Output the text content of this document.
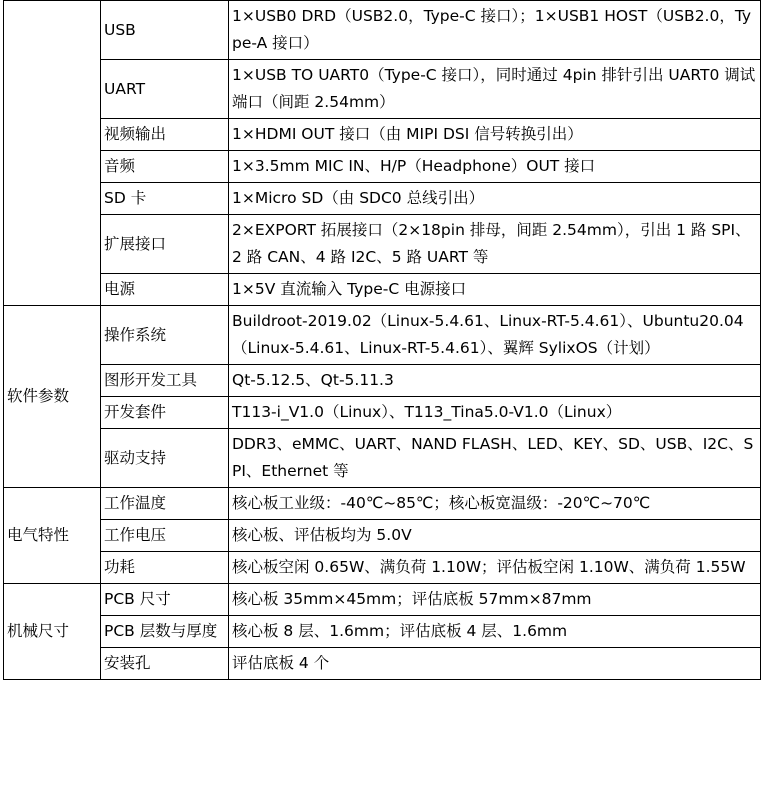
	USB	1×USB0 DRD（USB2.0，Type-C 接口）；1×USB1 HOST（USB2.0，Type-A 接口）
	UART	1×USB TO UART0（Type-C 接口），同时通过 4pin 排针引出 UART0 调试端口（间距 2.54mm）
	视频输出	1×HDMI OUT 接口（由 MIPI DSI 信号转换引出）
	音频	1×3.5mm MIC IN、H/P（Headphone）OUT 接口
	SD 卡	1×Micro SD（由 SDC0 总线引出）
	扩展接口	2×EXPORT 拓展接口（2×18pin 排母，间距 2.54mm），引出 1 路 SPI、2 路 CAN、4 路 I2C、5 路 UART 等
	电源	1×5V 直流输入 Type-C 电源接口
软件参数	操作系统	Buildroot-2019.02（Linux-5.4.61、Linux-RT-5.4.61）、Ubuntu20.04（Linux-5.4.61、Linux-RT-5.4.61）、翼辉 SylixOS（计划）
	图形开发工具	Qt-5.12.5、Qt-5.11.3
	开发套件	T113-i_V1.0（Linux）、T113_Tina5.0-V1.0（Linux）
	驱动支持	DDR3、eMMC、UART、NAND FLASH、LED、KEY、SD、USB、I2C、SPI、Ethernet 等
电气特性	工作温度	核心板工业级：-40℃~85℃；核心板宽温级：-20℃~70℃
	工作电压	核心板、评估板均为 5.0V
	功耗	核心板空闲 0.65W、满负荷 1.10W；评估板空闲 1.10W、满负荷 1.55W
机械尺寸	PCB 尺寸	核心板 35mm×45mm；评估底板 57mm×87mm
	PCB 层数与厚度	核心板 8 层、1.6mm；评估底板 4 层、1.6mm
	安装孔	评估底板 4 个
